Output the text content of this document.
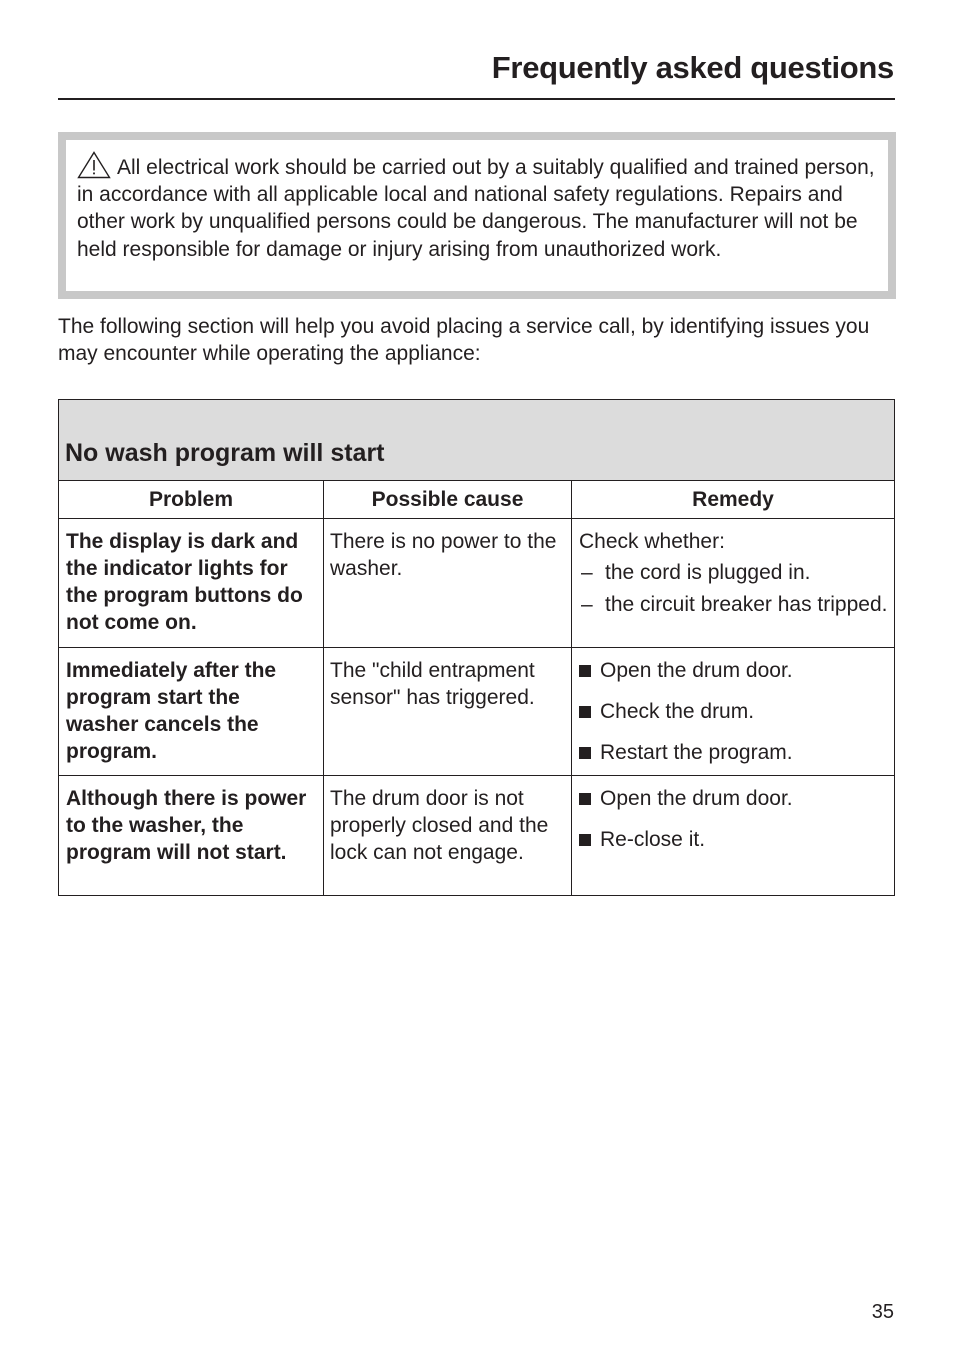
Frequently asked questions
All electrical work should be carried out by a suitably qualified and trained person, in accordance with all applicable local and national safety regulations. Repairs and other work by unqualified persons could be dangerous. The manufacturer will not be held responsible for damage or injury arising from unauthorized work.
The following section will help you avoid placing a service call, by identifying issues you may encounter while operating the appliance:
No wash program will start		
Problem	Possible cause	Remedy
The display is dark and the indicator lights for the program buttons do not come on.	There is no power to the washer.	Check whether:
– the cord is plugged in.
– the circuit breaker has tripped.

Immediately after the program start the washer cancels the program.	The "child entrapment sensor" has triggered.	Open the drum door.
Check the drum.
Restart the program.

Although there is power to the washer, the program will not start.	The drum door is not properly closed and the lock can not engage.	Open the drum door.
Re-close it.
35
